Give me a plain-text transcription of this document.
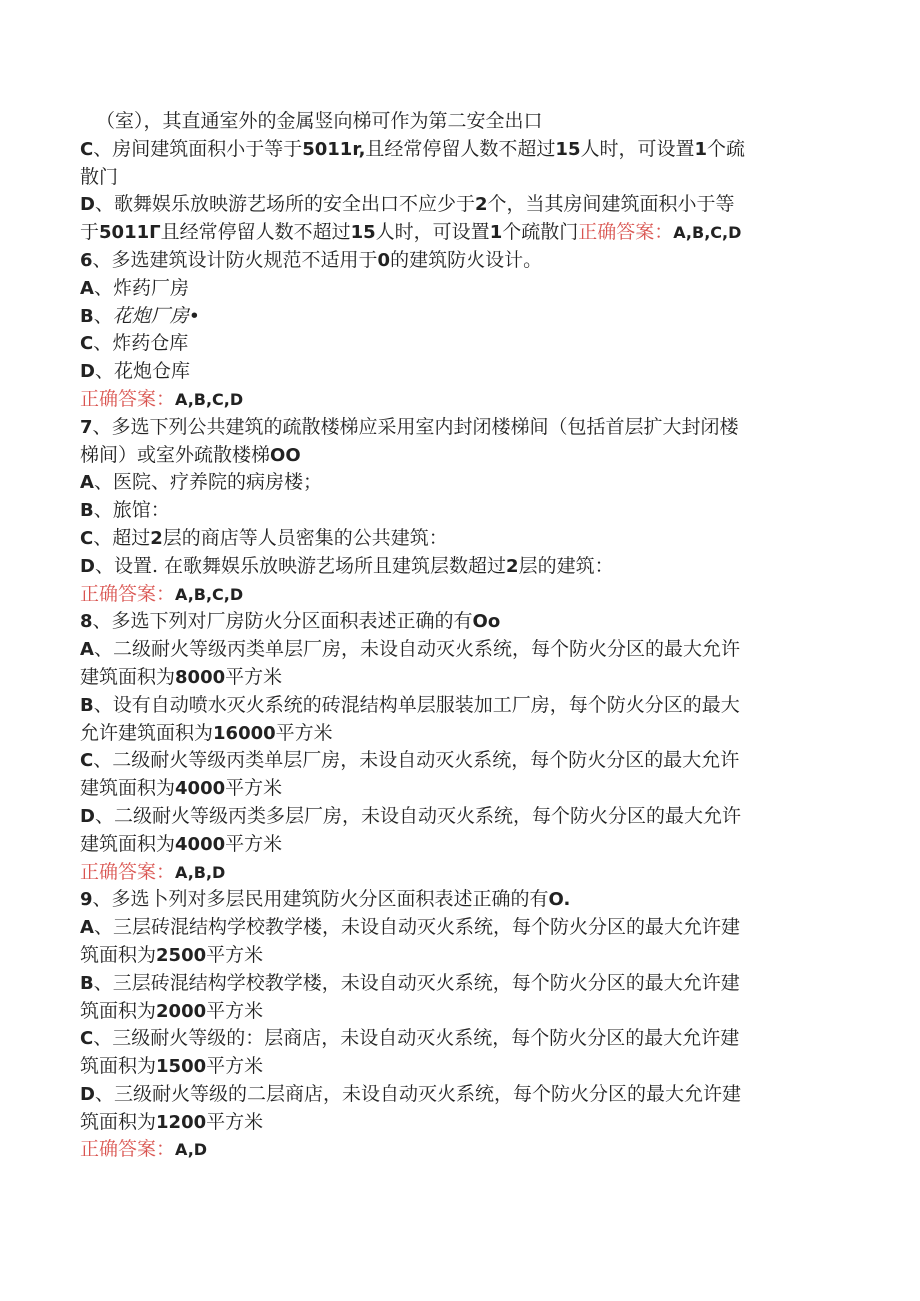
（室），其直通室外的金属竖向梯可作为第二安全出口
C、房间建筑面积小于等于5011r,且经常停留人数不超过15人时，可设置1个疏
散门
D、歌舞娱乐放映游艺场所的安全出口不应少于2个，当其房间建筑面积小于等
于5011Γ且经常停留人数不超过15人时，可设置1个疏散门正确答案：A,B,C,D
6、多选建筑设计防火规范不适用于0的建筑防火设计。
A、炸药厂房
B、花炮厂房•
C、炸药仓库
D、花炮仓库
正确答案：A,B,C,D
7、多选下列公共建筑的疏散楼梯应采用室内封闭楼梯间（包括首层扩大封闭楼
梯间）或室外疏散楼梯OO
A、医院、疗养院的病房楼；
B、旅馆：
C、超过2层的商店等人员密集的公共建筑：
D、设置. 在歌舞娱乐放映游艺场所且建筑层数超过2层的建筑：
正确答案：A,B,C,D
8、多选下列对厂房防火分区面积表述正确的有Oo
A、二级耐火等级丙类单层厂房，未设自动灭火系统，每个防火分区的最大允许
建筑面积为8000平方米
B、设有自动喷水灭火系统的砖混结构单层服装加工厂房，每个防火分区的最大
允许建筑面积为16000平方米
C、二级耐火等级丙类单层厂房，未设自动灭火系统，每个防火分区的最大允许
建筑面积为4000平方米
D、二级耐火等级丙类多层厂房，未设自动灭火系统，每个防火分区的最大允许
建筑面积为4000平方米
正确答案：A,B,D
9、多选卜列对多层民用建筑防火分区面积表述正确的有O.
A、三层砖混结构学校教学楼，未设自动灭火系统，每个防火分区的最大允许建
筑面积为2500平方米
B、三层砖混结构学校教学楼，未设自动灭火系统，每个防火分区的最大允许建
筑面积为2000平方米
C、三级耐火等级的：层商店，未设自动灭火系统，每个防火分区的最大允许建
筑面积为1500平方米
D、三级耐火等级的二层商店，未设自动灭火系统，每个防火分区的最大允许建
筑面积为1200平方米
正确答案：A,D
